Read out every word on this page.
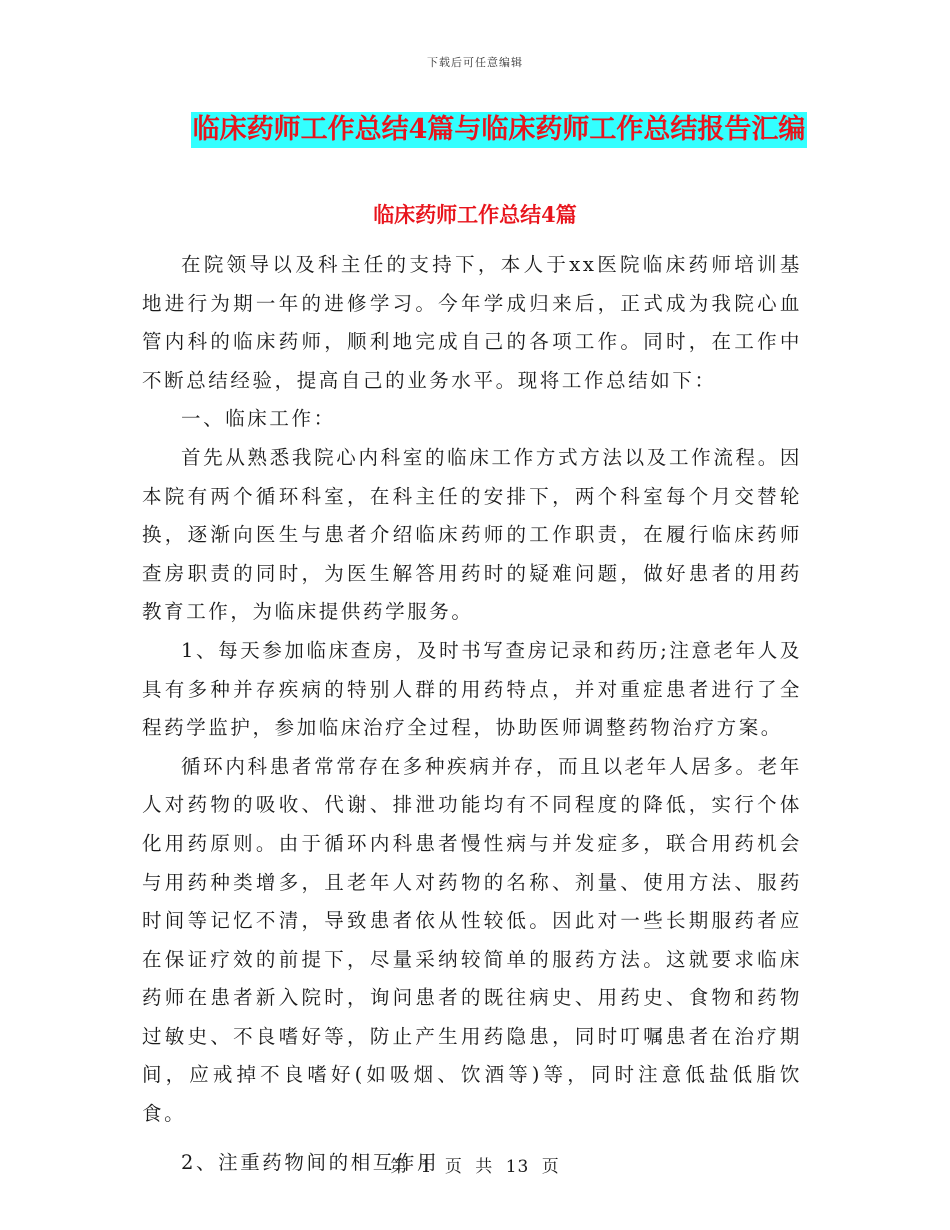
下载后可任意编辑
临床药师工作总结4篇与临床药师工作总结报告汇编
临床药师工作总结4篇

在院领导以及科主任的支持下，本人于xx医院临床药师培训基地进行为期一年的进修学习。今年学成归来后，正式成为我院心血管内科的临床药师，顺利地完成自己的各项工作。同时，在工作中不断总结经验，提高自己的业务水平。现将工作总结如下：

一、临床工作：

首先从熟悉我院心内科室的临床工作方式方法以及工作流程。因本院有两个循环科室，在科主任的安排下，两个科室每个月交替轮换，逐渐向医生与患者介绍临床药师的工作职责，在履行临床药师查房职责的同时，为医生解答用药时的疑难问题，做好患者的用药教育工作，为临床提供药学服务。

1、每天参加临床查房，及时书写查房记录和药历;注意老年人及具有多种并存疾病的特别人群的用药特点，并对重症患者进行了全程药学监护，参加临床治疗全过程，协助医师调整药物治疗方案。

循环内科患者常常存在多种疾病并存，而且以老年人居多。老年人对药物的吸收、代谢、排泄功能均有不同程度的降低，实行个体化用药原则。由于循环内科患者慢性病与并发症多，联合用药机会与用药种类增多，且老年人对药物的名称、剂量、使用方法、服药时间等记忆不清，导致患者依从性较低。因此对一些长期服药者应在保证疗效的前提下，尽量采纳较简单的服药方法。这就要求临床药师在患者新入院时，询问患者的既往病史、用药史、食物和药物过敏史、不良嗜好等，防止产生用药隐患，同时叮嘱患者在治疗期间，应戒掉不良嗜好(如吸烟、饮酒等)等，同时注意低盐低脂饮食。

2、注重药物间的相互作用

第 1 页 共 13 页
